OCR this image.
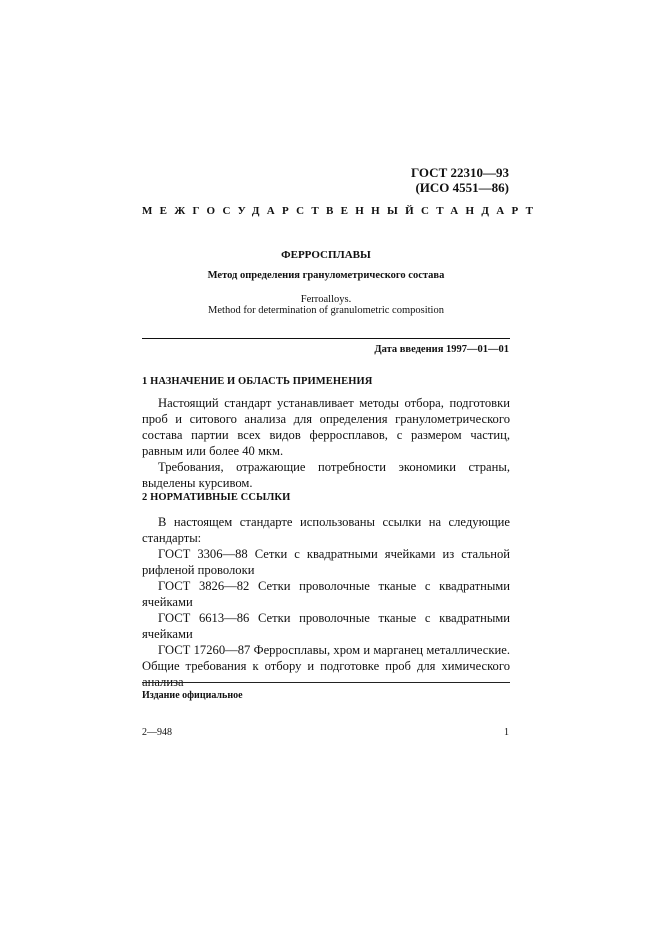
ГОСТ 22310—93
(ИСО 4551—86)
МЕЖГОСУДАРСТВЕННЫЙ СТАНДАРТ
ФЕРРОСПЛАВЫ
Метод определения гранулометрического состава
Ferroalloys.
Method for determination of granulometric composition
Дата введения 1997—01—01
1 НАЗНАЧЕНИЕ И ОБЛАСТЬ ПРИМЕНЕНИЯ

Настоящий стандарт устанавливает методы отбора, подготовки проб и ситового анализа для определения гранулометрического состава партии всех видов ферросплавов, с размером частиц, равным или более 40 мкм.

Требования, отражающие потребности экономики страны, выделены курсивом.

2 НОРМАТИВНЫЕ ССЫЛКИ

В настоящем стандарте использованы ссылки на следующие стандарты:

ГОСТ 3306—88 Сетки с квадратными ячейками из стальной рифленой проволоки

ГОСТ 3826—82 Сетки проволочные тканые с квадратными ячейками

ГОСТ 6613—86 Сетки проволочные тканые с квадратными ячейками

ГОСТ 17260—87 Ферросплавы, хром и марганец металлические. Общие требования к отбору и подготовке проб для химического анализа

Издание официальное
2—948	1
